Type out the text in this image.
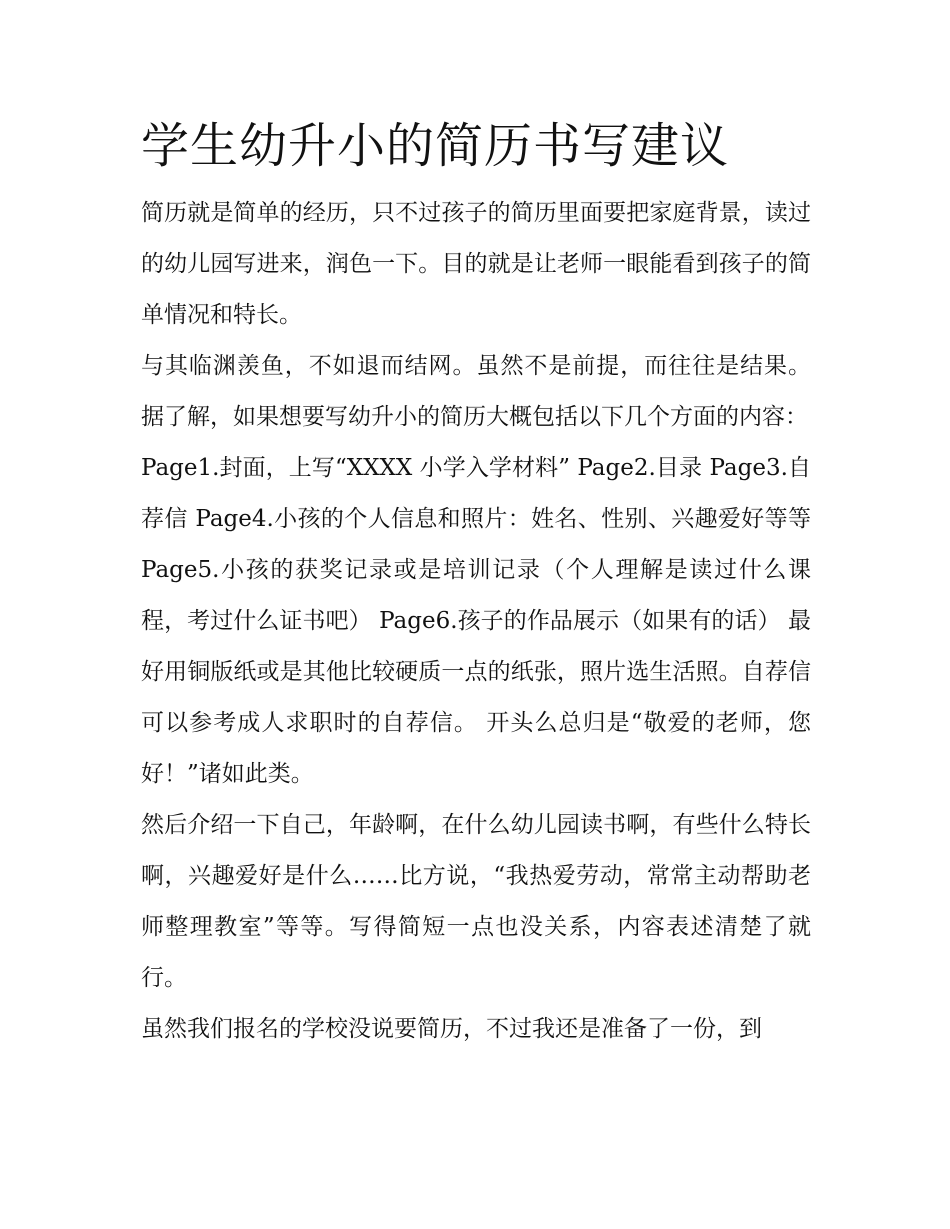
学生幼升小的简历书写建议

简历就是简单的经历，只不过孩子的简历里面要把家庭背景，读过的幼儿园写进来，润色一下。目的就是让老师一眼能看到孩子的简单情况和特长。

与其临渊羡鱼，不如退而结网。虽然不是前提，而往往是结果。 据了解，如果想要写幼升小的简历大概包括以下几个方面的内容：

Page1.封面，上写“XXXX 小学入学材料” Page2.目录 Page3.自荐信 Page4.小孩的个人信息和照片：姓名、性别、兴趣爱好等等 Page5.小孩的获奖记录或是培训记录（个人理解是读过什么课程，考过什么证书吧） Page6.孩子的作品展示（如果有的话） 最好用铜版纸或是其他比较硬质一点的纸张，照片选生活照。自荐信可以参考成人求职时的自荐信。 开头么总归是“敬爱的老师，您好！”诸如此类。

然后介绍一下自己，年龄啊，在什么幼儿园读书啊，有些什么特长啊，兴趣爱好是什么……比方说，“我热爱劳动，常常主动帮助老师整理教室”等等。写得简短一点也没关系，内容表述清楚了就行。

虽然我们报名的学校没说要简历，不过我还是准备了一份，到
